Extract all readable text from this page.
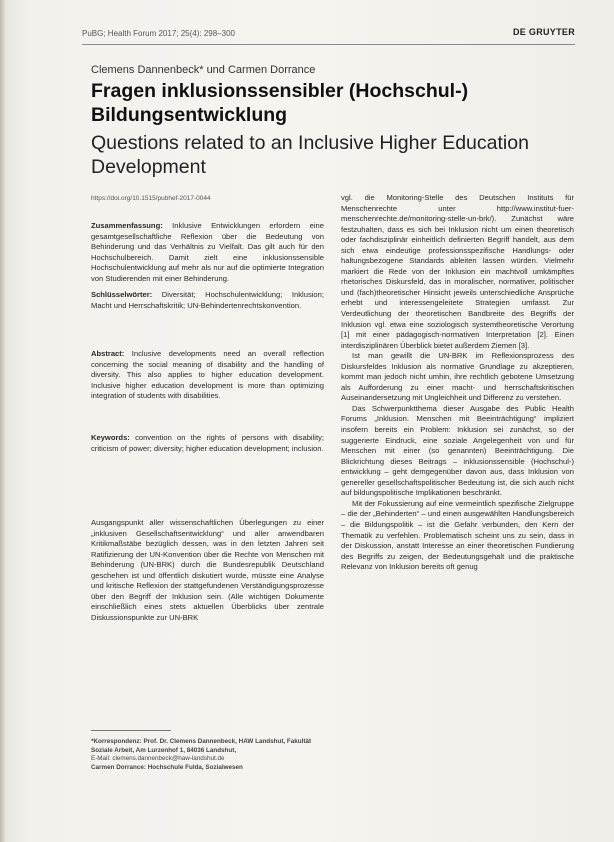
PuBG; Health Forum 2017; 25(4): 298–300	DE GRUYTER
Clemens Dannenbeck* und Carmen Dorrance
Fragen inklusionssensibler (Hochschul-) Bildungsentwicklung
Questions related to an Inclusive Higher Education Development
https://doi.org/10.1515/pubhef-2017-0044

Zusammenfassung: Inklusive Entwicklungen erfordern eine gesamtgesellschaftliche Reflexion über die Bedeutung von Behinderung und das Verhältnis zu Vielfalt. Das gilt auch für den Hochschulbereich. Damit zielt eine inklusionssensible Hochschulentwicklung auf mehr als nur auf die optimierte Integration von Studierenden mit einer Behinderung.

Schlüsselwörter: Diversität; Hochschulentwicklung; Inklusion; Macht und Herrschaftskritik; UN-Behindertenrechtskonvention.

Abstract: Inclusive developments need an overall reflection concerning the social meaning of disability and the handling of diversity. This also applies to higher education development. Inclusive higher education development is more than optimizing integration of students with disabilities.

Keywords: convention on the rights of persons with disability; criticism of power; diversity; higher education development; inclusion.

Ausgangspunkt aller wissenschaftlichen Überlegungen zu einer „inklusiven Gesellschaftsentwicklung“ und aller anwendbaren Kritikmaßstäbe bezüglich dessen, was in den letzten Jahren seit Ratifizierung der UN-Konvention über die Rechte von Menschen mit Behinderung (UN-BRK) durch die Bundesrepublik Deutschland geschehen ist und öffentlich diskutiert wurde, müsste eine Analyse und kritische Reflexion der stattgefundenen Verständigungsprozesse über den Begriff der Inklusion sein. (Alle wichtigen Dokumente einschließlich eines stets aktuellen Überblicks über zentrale Diskussionspunkte zur UN-BRK

*Korrespondenz: Prof. Dr. Clemens Dannenbeck, HAW Landshut, Fakultät Soziale Arbeit, Am Lurzenhof 1, 84036 Landshut,
E-Mail: clemens.dannenbeck@haw-landshut.de
Carmen Dorrance: Hochschule Fulda, Sozialwesen

vgl. die Monitoring-Stelle des Deutschen Instituts für Menschenrechte unter http://www.institut-fuer-menschenrechte.de/monitoring-stelle-un-brk/). Zunächst wäre festzuhalten, dass es sich bei Inklusion nicht um einen theoretisch oder fachdisziplinär einheitlich definierten Begriff handelt, aus dem sich etwa eindeutige professionsspezifische Handlungs- oder haltungsbezogene Standards ableiten lassen würden. Vielmehr markiert die Rede von der Inklusion ein machtvoll umkämpftes rhetorisches Diskursfeld, das in moralischer, normativer, politischer und (fach)theoretischer Hinsicht jeweils unterschiedliche Ansprüche erhebt und interessengeleitete Strategien umfasst. Zur Verdeutlichung der theoretischen Bandbreite des Begriffs der Inklusion vgl. etwa eine soziologisch systemtheoretische Verortung [1] mit einer pädagogisch-normativen Interpretation [2]. Einen interdisziplinären Überblick bietet außerdem Ziemen [3].

Ist man gewillt die UN-BRK im Reflexionsprozess des Diskursfeldes Inklusion als normative Grundlage zu akzeptieren, kommt man jedoch nicht umhin, ihre rechtlich gebotene Umsetzung als Aufforderung zu einer macht- und herrschaftskritischen Auseinandersetzung mit Ungleichheit und Differenz zu verstehen.

Das Schwerpunktthema dieser Ausgabe des Public Health Forums „Inklusion. Menschen mit Beeinträchtigung“ impliziert insofern bereits ein Problem: Inklusion sei zunächst, so der suggerierte Eindruck, eine soziale Angelegenheit von und für Menschen mit einer (so genannten) Beeinträchtigung. Die Blickrichtung dieses Beitrags – inklusionssensible (Hochschul-) entwicklung – geht demgegenüber davon aus, dass Inklusion von genereller gesellschaftspolitischer Bedeutung ist, die sich auch nicht auf bildungspolitische Implikationen beschränkt.

Mit der Fokussierung auf eine vermeintlich spezifische Zielgruppe – die der „Behinderten“ – und einen ausgewählten Handlungsbereich – die Bildungspolitik – ist die Gefahr verbunden, den Kern der Thematik zu verfehlen. Problematisch scheint uns zu sein, dass in der Diskussion, anstatt Interesse an einer theoretischen Fundierung des Begriffs zu zeigen, der Bedeutungsgehalt und die praktische Relevanz von Inklusion bereits oft genug
